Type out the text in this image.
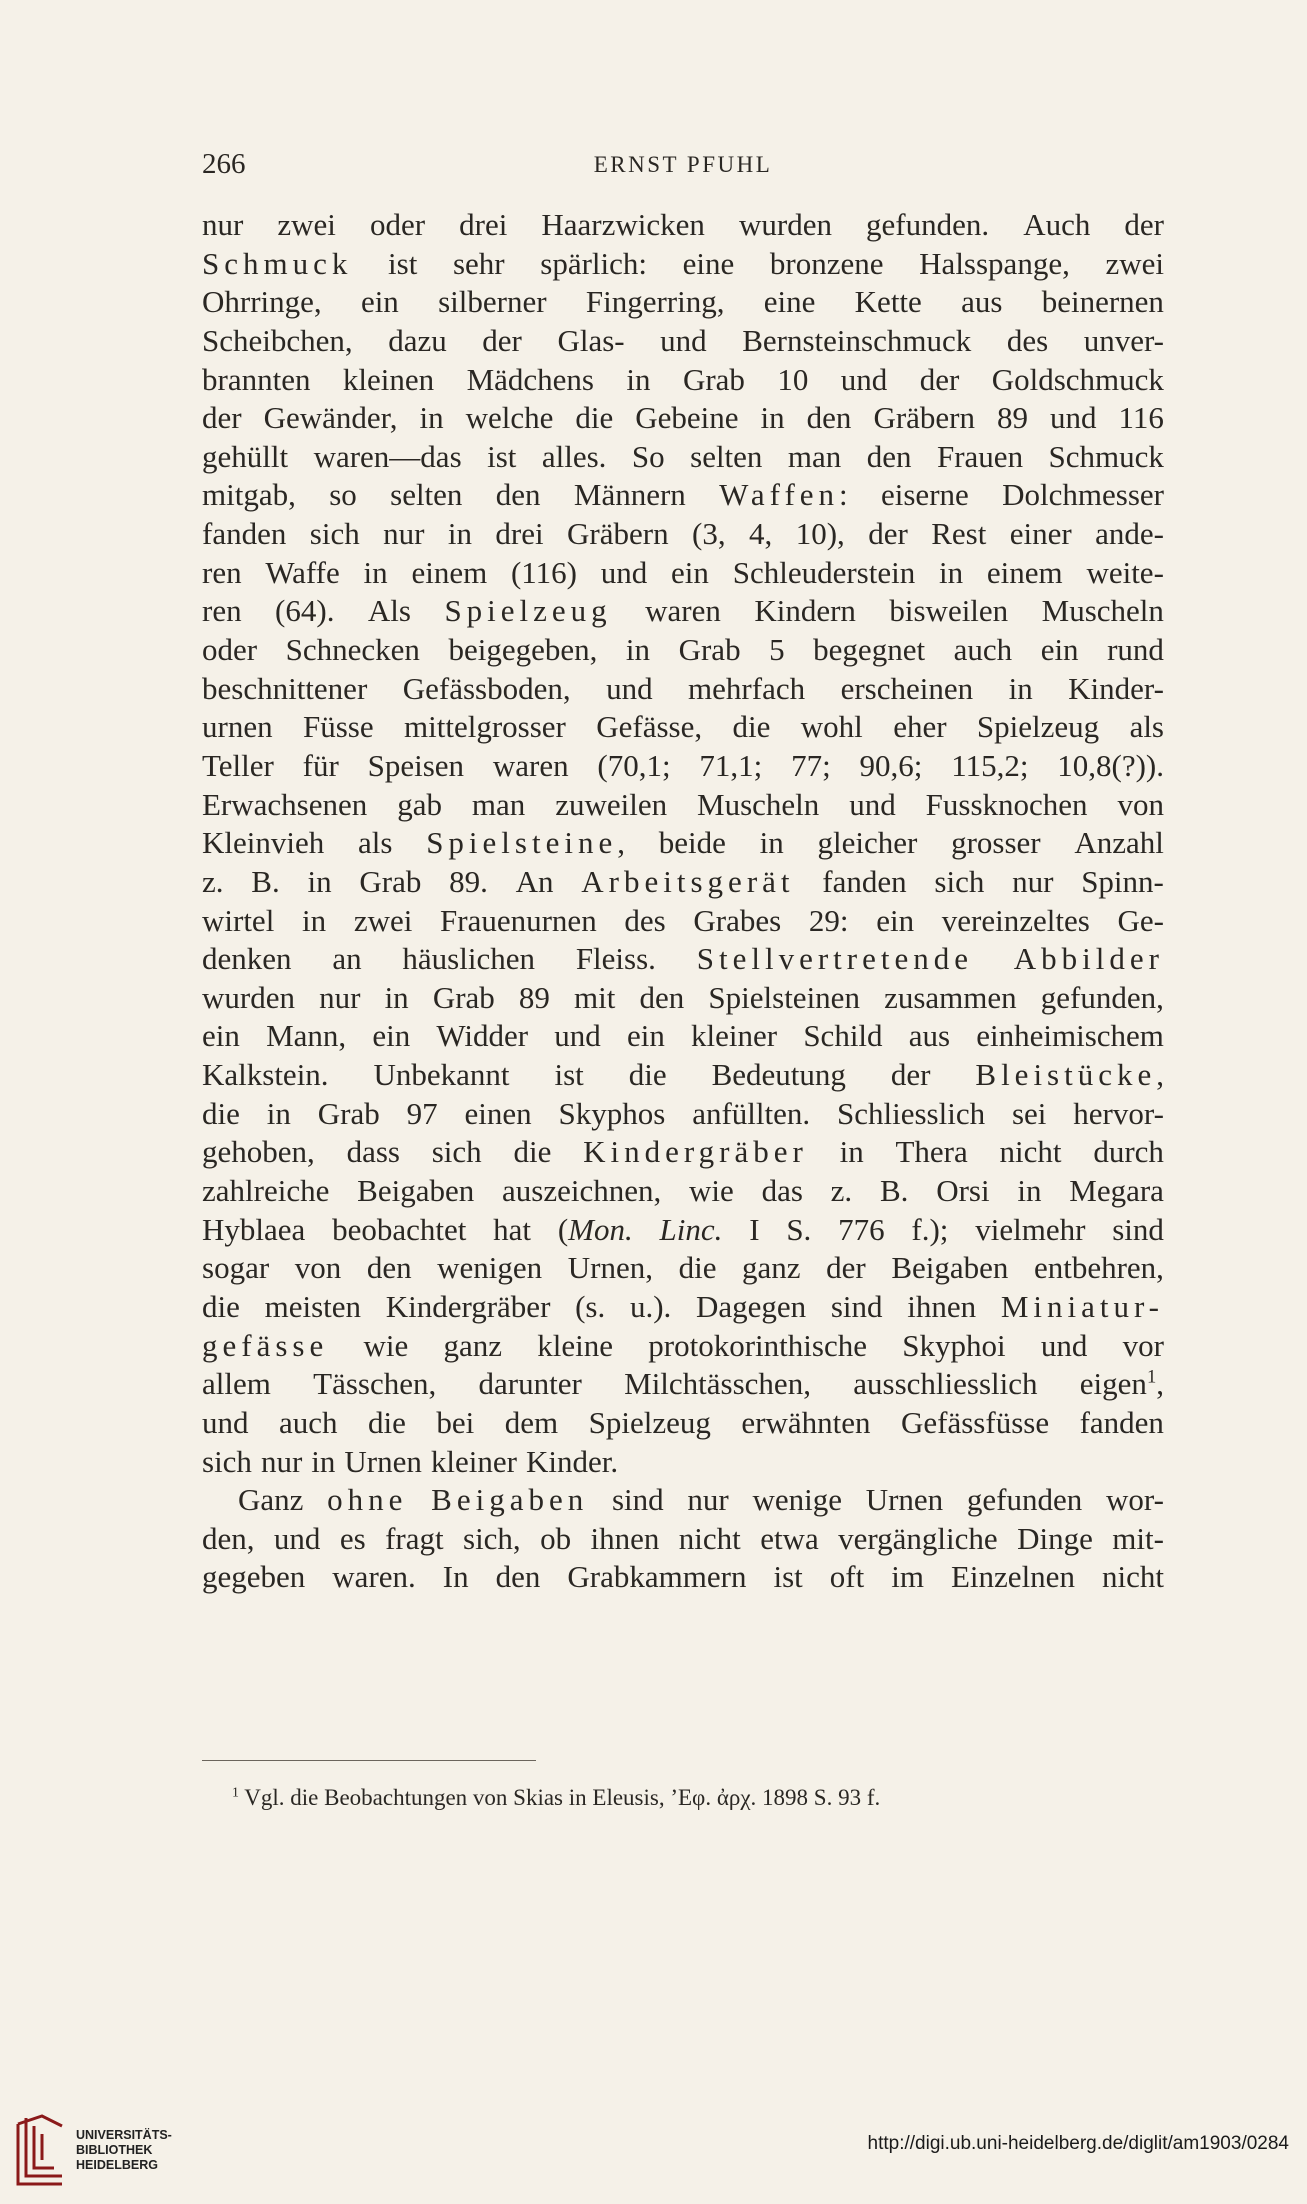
266	ERNST PFUHL
nur zwei oder drei Haarzwicken wurden gefunden. Auch der
Schmuck ist sehr spärlich: eine bronzene Halsspange, zwei
Ohrringe, ein silberner Fingerring, eine Kette aus beinernen
Scheibchen, dazu der Glas- und Bernsteinschmuck des unver-
brannten kleinen Mädchens in Grab 10 und der Goldschmuck
der Gewänder, in welche die Gebeine in den Gräbern 89 und 116
gehüllt waren—das ist alles. So selten man den Frauen Schmuck
mitgab, so selten den Männern Waffen: eiserne Dolchmesser
fanden sich nur in drei Gräbern (3, 4, 10), der Rest einer ande-
ren Waffe in einem (116) und ein Schleuderstein in einem weite-
ren (64). Als Spielzeug waren Kindern bisweilen Muscheln
oder Schnecken beigegeben, in Grab 5 begegnet auch ein rund
beschnittener Gefässboden, und mehrfach erscheinen in Kinder-
urnen Füsse mittelgrosser Gefässe, die wohl eher Spielzeug als
Teller für Speisen waren (70,1; 71,1; 77; 90,6; 115,2; 10,8(?)).
Erwachsenen gab man zuweilen Muscheln und Fussknochen von
Kleinvieh als Spielsteine, beide in gleicher grosser Anzahl
z. B. in Grab 89. An Arbeitsgerät fanden sich nur Spinn-
wirtel in zwei Frauenurnen des Grabes 29: ein vereinzeltes Ge-
denken an häuslichen Fleiss. Stellvertretende Abbilder
wurden nur in Grab 89 mit den Spielsteinen zusammen gefunden,
ein Mann, ein Widder und ein kleiner Schild aus einheimischem
Kalkstein. Unbekannt ist die Bedeutung der Bleistücke,
die in Grab 97 einen Skyphos anfüllten. Schliesslich sei hervor-
gehoben, dass sich die Kindergräber in Thera nicht durch
zahlreiche Beigaben auszeichnen, wie das z. B. Orsi in Megara
Hyblaea beobachtet hat (Mon. Linc. I S. 776 f.); vielmehr sind
sogar von den wenigen Urnen, die ganz der Beigaben entbehren,
die meisten Kindergräber (s. u.). Dagegen sind ihnen Miniatur-
gefässe wie ganz kleine protokorinthische Skyphoi und vor
allem Tässchen, darunter Milchtässchen, ausschliesslich eigen$^1$,
und auch die bei dem Spielzeug erwähnten Gefässfüsse fanden
sich nur in Urnen kleiner Kinder.
Ganz ohne Beigaben sind nur wenige Urnen gefunden wor-
den, und es fragt sich, ob ihnen nicht etwa vergängliche Dinge mit-
gegeben waren. In den Grabkammern ist oft im Einzelnen nicht
$^1$ Vgl. die Beobachtungen von Skias in Eleusis, ’Εφ. ἀρχ. 1898 S. 93 f.
UNIVERSITÄTS-
BIBLIOTHEK
HEIDELBERG
http://digi.ub.uni-heidelberg.de/diglit/am1903/0284
